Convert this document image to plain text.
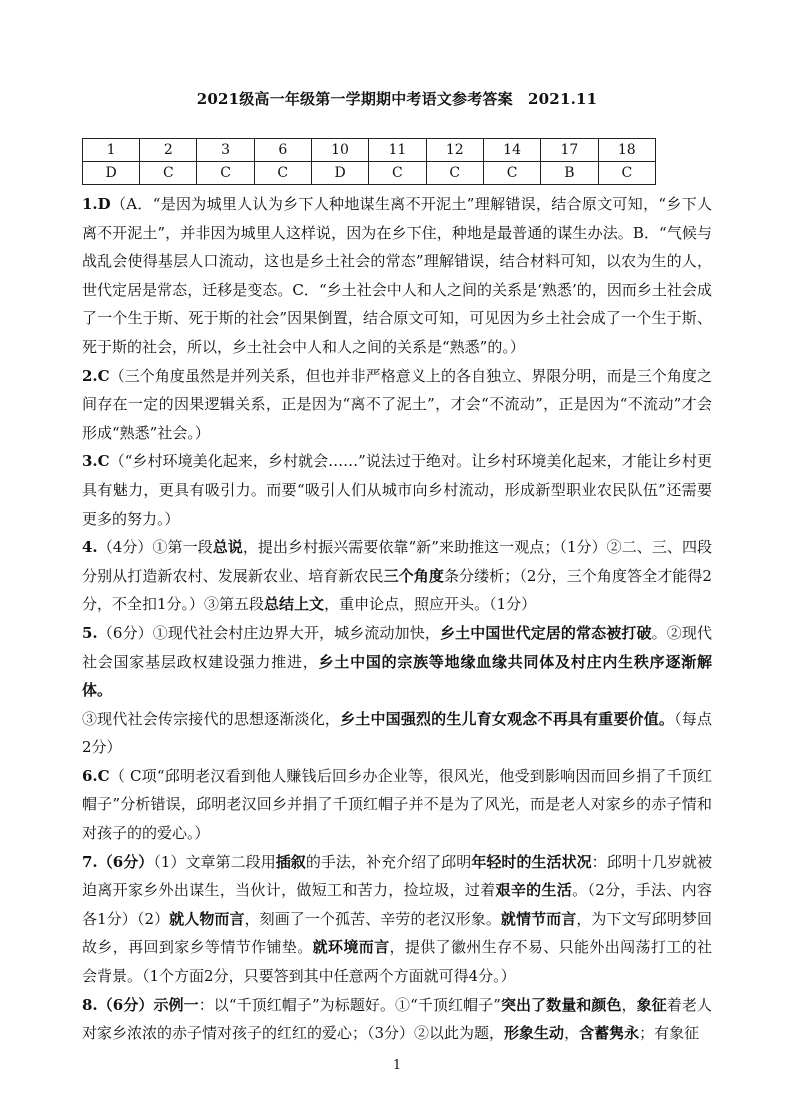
2021级高一年级第一学期期中考语文参考答案　2021.11
1	2	3	6	10	11	12	14	17	18
D	C	C	C	D	C	C	C	B	C

1.D（A．“是因为城里人认为乡下人种地谋生离不开泥土”理解错误，结合原文可知，“乡下人离不开泥土”，并非因为城里人这样说，因为在乡下住，种地是最普通的谋生办法。B．“气候与战乱会使得基层人口流动，这也是乡土社会的常态”理解错误，结合材料可知，以农为生的人，世代定居是常态，迁移是变态。C．“乡土社会中人和人之间的关系是‘熟悉’的，因而乡土社会成了一个生于斯、死于斯的社会”因果倒置，结合原文可知，可见因为乡土社会成了一个生于斯、死于斯的社会，所以，乡土社会中人和人之间的关系是“熟悉”的。）

2.C（三个角度虽然是并列关系，但也并非严格意义上的各自独立、界限分明，而是三个角度之间存在一定的因果逻辑关系，正是因为“离不了泥土”，才会“不流动”，正是因为“不流动”才会形成“熟悉”社会。）

3.C（“乡村环境美化起来，乡村就会……”说法过于绝对。让乡村环境美化起来，才能让乡村更具有魅力，更具有吸引力。而要“吸引人们从城市向乡村流动，形成新型职业农民队伍”还需要更多的努力。）

4.（4分）①第一段总说，提出乡村振兴需要依靠“新”来助推这一观点；（1分）②二、三、四段分别从打造新农村、发展新农业、培育新农民三个角度条分缕析；（2分，三个角度答全才能得2分，不全扣1分。）③第五段总结上文，重申论点，照应开头。（1分）

5.（6分）①现代社会村庄边界大开，城乡流动加快，乡土中国世代定居的常态被打破。②现代社会国家基层政权建设强力推进，乡土中国的宗族等地缘血缘共同体及村庄内生秩序逐渐解体。

③现代社会传宗接代的思想逐渐淡化，乡土中国强烈的生儿育女观念不再具有重要价值。（每点2分）

6.C（ C项“邱明老汉看到他人赚钱后回乡办企业等，很风光，他受到影响因而回乡捐了千顶红帽子”分析错误，邱明老汉回乡并捐了千顶红帽子并不是为了风光，而是老人对家乡的赤子情和对孩子的的爱心。）

7.（6分）（1）文章第二段用插叙的手法，补充介绍了邱明年轻时的生活状况：邱明十几岁就被迫离开家乡外出谋生，当伙计，做短工和苦力，捡垃圾，过着艰辛的生活。（2分，手法、内容各1分）（2）就人物而言，刻画了一个孤苦、辛劳的老汉形象。就情节而言，为下文写邱明梦回故乡，再回到家乡等情节作铺垫。就环境而言，提供了徽州生存不易、只能外出闯荡打工的社会背景。（1个方面2分，只要答到其中任意两个方面就可得4分。）

8.（6分）示例一：以“千顶红帽子”为标题好。①“千顶红帽子”突出了数量和颜色，象征着老人对家乡浓浓的赤子情对孩子的红红的爱心；（3分）②以此为题，形象生动，含蓄隽永；有象征

1
